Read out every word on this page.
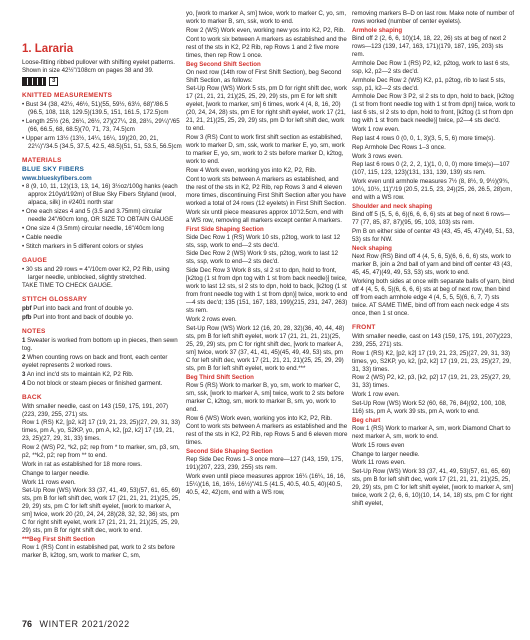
1. Lararia

Loose-fitting ribbed pullover with shifting eyelet patterns. Shown in size 42½"/108cm on pages 38 and 39.

3
KNITTED MEASUREMENTS

• Bust 34 (38, 42½, 46½, 51)(55, 59½, 63½, 68)"/86.5 (96.5, 108, 118, 129.5)(139.5, 151, 161.5, 172.5)cm

• Length 25½ (26, 26¼, 26½, 27)(27¼, 28, 28¼, 29¼)"/65 (66, 66.5, 68, 68.5)(70, 71, 73, 74.5)cm

• Upper arm 13½ (13½, 14¼, 16¼, 19)(20, 20, 21, 22¼)"/34.5 (34.5, 37.5, 42.5, 48.5)(51, 51, 53.5, 56.5)cm

MATERIALS
BLUE SKY FIBERS

www.blueskyfibers.com

• 8 (9, 10, 11, 12)(13, 13, 14, 16) 3½oz/100g hanks (each approx 210yd/192m) of Blue Sky Fibers Styland (wool, alpaca, silk) in #2401 north star

• One each sizes 4 and 5 (3.5 and 3.75mm) circular needle 24"/60cm long, OR SIZE TO OBTAIN GAUGE

• One size 4 (3.5mm) circular needle, 16"/40cm long

• Cable needle

• Stitch markers in 5 different colors or styles

GAUGE

• 30 sts and 29 rows = 4"/10cm over K2, P2 Rib, using larger needle, unblocked, slightly stretched.

TAKE TIME TO CHECK GAUGE.

STITCH GLOSSARY

pbf Purl into back and front of double yo.

pfb Purl into front and back of double yo.

NOTES

1 Sweater is worked from bottom up in pieces, then sewn tog.

2 When counting rows on back and front, each center eyelet represents 2 worked rows.

3 An incl inc'd sts to maintain K2, P2 Rib.

4 Do not block or steam pieces or finished garment.

BACK

With smaller needle, cast on 143 (159, 175, 191, 207)(223, 239, 255, 271) sts.

Row 1 (RS) K2, [p2, k2] 17 (19, 21, 23, 25)(27, 29, 31, 33) times, pm A, yo, S2KP, yo, pm A, k2, [p2, k2] 17 (19, 21, 23, 25)(27, 29, 31, 33) times.

Row 2 (WS) P2, *k2, p2; rep from * to marker, sm, p3, sm, p2, **k2, p2; rep from ** to end.

Work in rat as established for 18 more rows.

Change to larger needle.

Work 11 rows even.

Set-Up Row (WS) Work 33 (37, 41, 49, 53)(57, 61, 65, 69) sts, pm B for left shift dec, work 17 (21, 21, 21, 21)(25, 25, 29, 29) sts, pm C for left shift eyelet, [work to marker A, sm] twice, work 20 (20, 24, 24, 28)(28, 32, 32, 36) sts, pm C for right shift eyelet, work 17 (21, 21, 21, 21)(25, 25, 29, 29) sts, pm B for right shift dec, work to end.

***Beg First Shift Section

Row 1 (RS) Cont in established pat, work to 2 sts before marker B, k2tog, sm, work to marker C, sm,

yo, [work to marker A, sm] twice, work to marker C, yo, sm, work to marker B, sm, ssk, work to end.

Row 2 (WS) Work even, working new yos into K2, P2, Rib.

Cont to work six between A markers as established and the rest of the sts in K2, P2 Rib, rep Rows 1 and 2 five more times, then rep Row 1 once.

Beg Second Shift Section

On next row (14th row of First Shift Section), beg Second Shift Section, as follows:

Set-Up Row (WS) Work 5 sts, pm D for right shift dec, work 17 (21, 21, 21, 21)(25, 25, 29, 29) sts, pm E for left shift eyelet, [work to marker, sm] 6 times, work 4 (4, 8, 16, 20)(20, 24, 24, 28) sts, pm E for right shift eyelet, work 17 (21, 21, 21, 21)(25, 25, 29, 29) sts, pm D for left shift dec, work to end.

Row 3 (RS) Cont to work first shift section as established, work to marker D, sm, ssk, work to marker E, yo, sm, work to marker E, yo, sm, work to 2 sts before marker D, k2tog, work to end.

Row 4 Work even, working yos into K2, P2, Rib.

Cont to work sts between A markers as established, and the rest of the sts in K2, P2 Rib, rep Rows 3 and 4 eleven more times, discontinuing First Shift Section after you have worked a total of 24 rows (12 eyelets) in First Shift Section.

Work six until piece measures approx 10"/2.5cm, end with a WS row, removing all markers except center A markers.

First Side Shaping Section

Side Dec Row 1 (RS) Work 10 sts, p2tog, work to last 12 sts, ssp, work to end—2 sts dec'd.

Side Dec Row 2 (WS) Work 9 sts, p2tog, work to last 12 sts, ssp, work to end—2 sts dec'd.

Side Dec Row 3 Work 8 sts, sl 2 st to dpn, hold to front, [k2tog (1 st from dpn tog with 1 st from back needle)] twice, work to last 12 sts, sl 2 sts to dpn, hold to back, [k2tog (1 st from front needle tog with 1 st from dpn)] twice, work to end—4 sts dec'd; 135 (151, 167, 183, 199)(215, 231, 247, 263) sts rem.

Work 2 rows even.

Set-Up Row (WS) Work 12 (16, 20, 28, 32)(36, 40, 44, 48) sts, pm B for left shift eyelet, work 17 (21, 21, 21, 21)(25, 25, 29, 29) sts, pm C for right shift dec, [work to marker A, sm] twice, work 37 (37, 41, 41, 45)(45, 49, 49, 53) sts, pm C for left shift dec, work 17 (21, 21, 21, 21)(25, 25, 29, 29) sts, pm B for left shift eyelet, work to end.***

Beg Third Shift Section

Row 5 (RS) Work to marker B, yo, sm, work to marker C, sm, ssk, [work to marker A, sm] twice, work to 2 sts before marker C, k2tog, sm, work to marker B, sm, yo, work to end.

Row 6 (WS) Work even, working yos into K2, P2, Rib.

Cont to work sts between A markers as established and the rest of the sts in K2, P2 Rib, rep Rows 5 and 6 eleven more times.

Second Side Shaping Section

Rep Side Dec Rows 1–3 once more—127 (143, 159, 175, 191)(207, 223, 239, 255) sts rem.

Work even until piece measures approx 16¼ (16¼, 16, 16, 15¼)(16, 16, 16½, 16½)"/41.5 (41.5, 40.5, 40.5, 40)(40.5, 40.5, 42, 42)cm, end with a WS row,

removing markers B–D on last row. Make note of number of rows worked (number of center eyelets).

Armhole shaping

Bind off 2 (2, 6, 6, 10)(14, 18, 22, 26) sts at beg of next 2 rows—123 (139, 147, 163, 171)(179, 187, 195, 203) sts rem.

Armhole Dec Row 1 (RS) P2, k2, p2tog, work to last 6 sts, ssp, k2, p2—2 sts dec'd.

Armhole Dec Row 2 (WS) K2, p1, p2tog, rib to last 5 sts, ssp, p1, k2—2 sts dec'd.

Armhole Dec Row 3 P2, sl 2 sts to dpn, hold to back, [k2tog (1 st from front needle tog with 1 st from dpn)] twice, work to last 6 sts, sl 2 sts to dpn, hold to front, [k2tog (1 st from dpn tog with 1 st from back needle)] twice, p2—4 sts dec'd.

Work 1 row even.

Rep last 4 rows 0 (0, 0, 1, 3)(3, 5, 5, 6) more time(s).

Rep Armhole Dec Rows 1–3 once.

Work 3 rows even.

Rep last 6 rows 0 (2, 2, 2, 1)(1, 0, 0, 0) more time(s)—107 (107, 115, 123, 123)(131, 131, 139, 139) sts rem.

Work even until armhole measures 7½ (8, 8½, 9, 9½)(9¾, 10¼, 10½, 11)"/19 (20.5, 21.5, 23, 24)(25, 26, 26.5, 28)cm, end with a WS row.

Shoulder and neck shaping

Bind off 5 (5, 5, 6, 6)(6, 6, 6, 6) sts at beg of next 6 rows—77 (77, 85, 87, 87)(95, 95, 103, 103) sts rem.

Pm B on either side of center 43 (43, 45, 45, 47)(49, 51, 53, 53) sts for NW.

Neck shaping

Next Row (RS) Bind off 4 (4, 5, 6, 5)(6, 6, 6, 6) sts, work to marker B, join a 2nd ball of yarn and bind off center 43 (43, 45, 45, 47)(49, 49, 53, 53) sts, work to end.

Working both sides at once with separate balls of yarn, bind off 4 (4, 5, 6, 5)(6, 6, 6, 6) sts at beg of next row, then bind off from each armhole edge 4 (4, 5, 5, 5)(6, 6, 7, 7) sts twice. AT SAME TIME, bind off from each neck edge 4 sts once, then 1 st once.

FRONT

With smaller needle, cast on 143 (159, 175, 191, 207)(223, 239, 255, 271) sts.

Row 1 (RS) K2, [p2, k2] 17 (19, 21, 23, 25)(27, 29, 31, 33) times, yo, S2KP, yo, k2, [p2, k2] 17 (19, 21, 23, 25)(27, 29, 31, 33) times.

Row 2 (WS) P2, k2, p3, [k2, p2] 17 (19, 21, 23, 25)(27, 29, 31, 33) times.

Work 1 row even.

Set-Up Row (WS) Work 52 (60, 68, 76, 84)(92, 100, 108, 116) sts, pm A, work 39 sts, pm A, work to end.

Beg chart

Row 1 (RS) Work to marker A, sm, work Diamond Chart to next marker A, sm, work to end.

Work 15 rows even

Change to larger needle.

Work 11 rows even.

Set-Up Row (WS) Work 33 (37, 41, 49, 53)(57, 61, 65, 69) sts, pm B for left shift dec, work 17 (21, 21, 21, 21)(25, 25, 29, 29) sts, pm C for left shift eyelet, [work to marker A, sm] twice, work 2 (2, 6, 6, 10)(10, 14, 14, 18) sts, pm C for right shift eyelet,

76 WINTER 2021/2022
